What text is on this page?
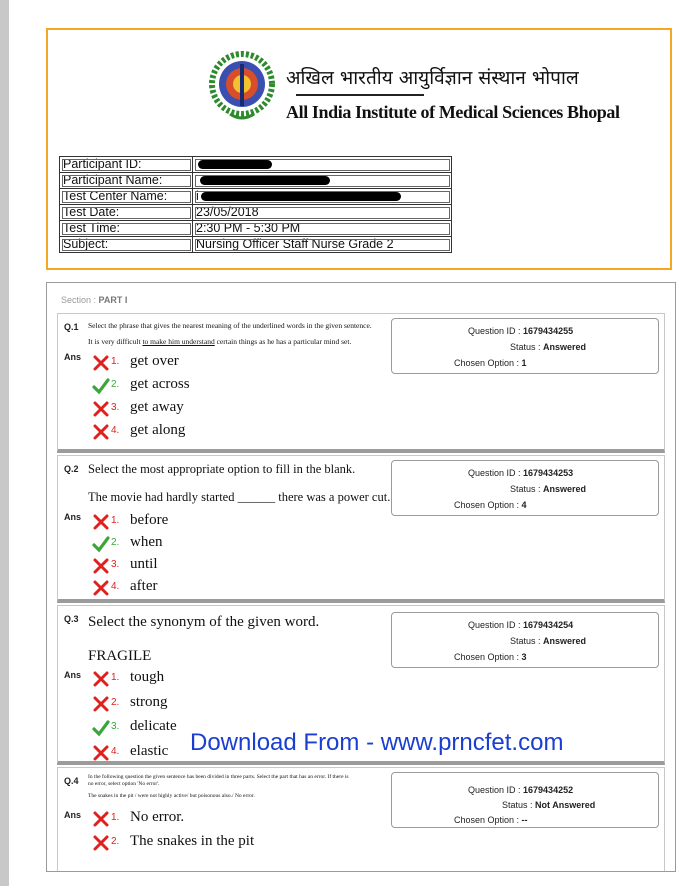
अखिल भारतीय आयुर्विज्ञान संस्थान भोपाल
All India Institute of Medical Sciences Bhopal
Participant ID:	
Participant Name:	
Test Center Name:	i
Test Date:	23/05/2018
Test Time:	2:30 PM - 5:30 PM
Subject:	Nursing Officer Staff Nurse Grade 2
Section : PART I
Q.1 Select the phrase that gives the nearest meaning of the underlined words in the given sentence.
It is very difficult to make him understand certain things as he has a particular mind set.
Ans
Question ID : 1679434255
Status : Answered
Chosen Option : 1
1. get over
2. get across
3. get away
4. get along
Q.2 Select the most appropriate option to fill in the blank.
The movie had hardly started ______ there was a power cut.
Ans
Question ID : 1679434253
Status : Answered
Chosen Option : 4
1. before
2. when
3. until
4. after
Q.3 Select the synonym of the given word.
FRAGILE
Ans
Question ID : 1679434254
Status : Answered
Chosen Option : 3
1. tough
2. strong
3. delicate
4. elastic
Q.4 In the following question the given sentence has been divided in three parts. Select the part that has an error. If there is
no error, select option 'No error'.
The snakes in the pit / were not highly active/ but poisonous also./ No error.
Ans
Question ID : 1679434252
Status : Not Answered
Chosen Option : --
1. No error.
2. The snakes in the pit
Download From - www.prncfet.com
